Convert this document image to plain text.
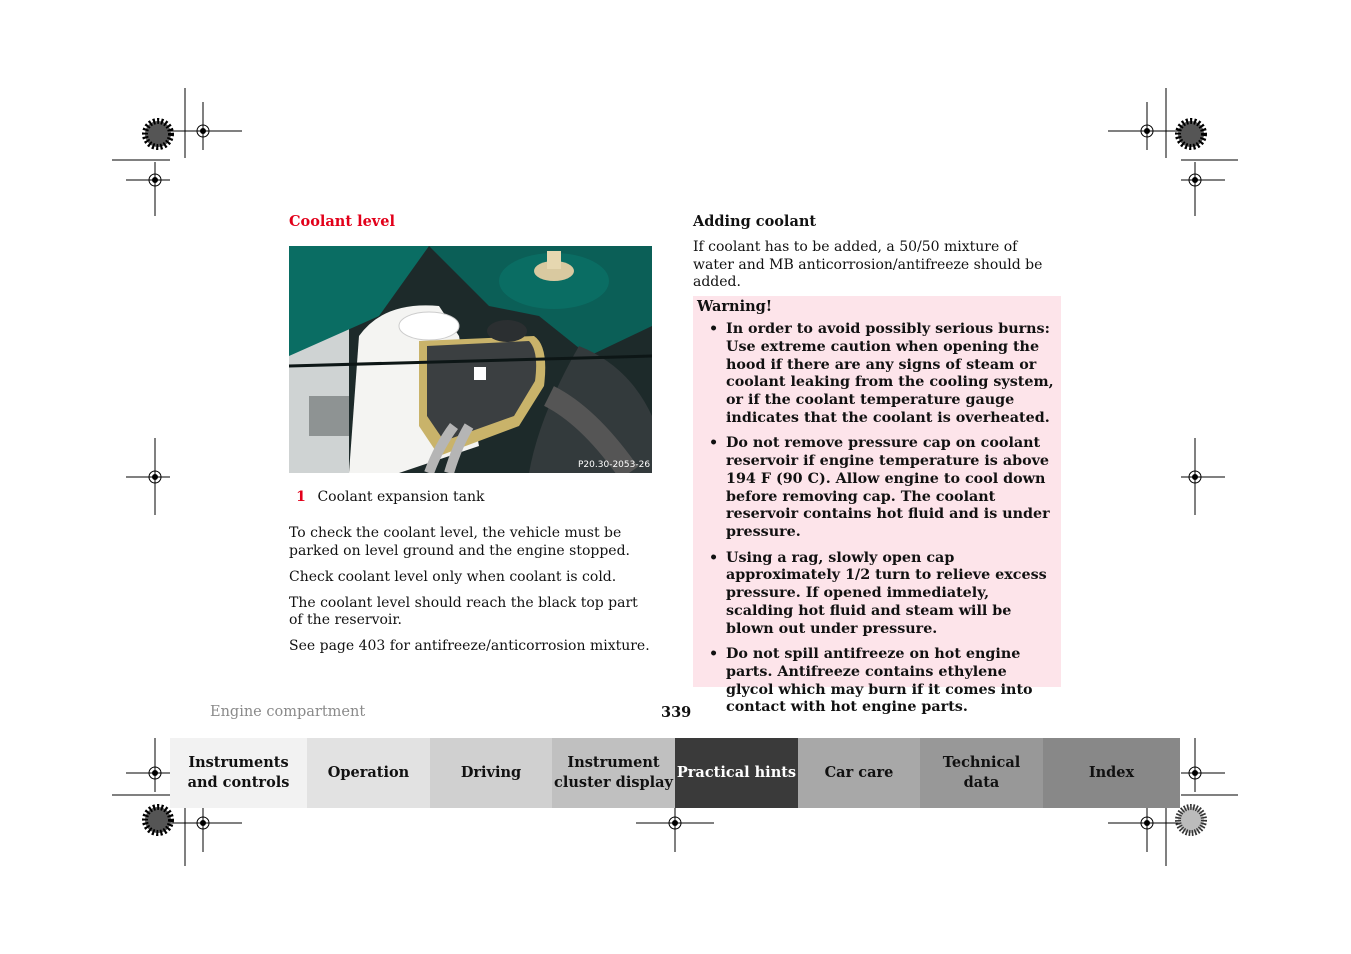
Coolant level
P20.30-2053-26
1 Coolant expansion tank

To check the coolant level, the vehicle must be parked on level ground and the engine stopped.

Check coolant level only when coolant is cold.

The coolant level should reach the black top part of the reservoir.

See page 403 for antifreeze/anticorrosion mixture.

Adding coolant
If coolant has to be added, a 50/50 mixture of water and MB anticorrosion/antifreeze should be added.
Warning!
• In order to avoid possibly serious burns:
Use extreme caution when opening the hood if there are any signs of steam or coolant leaking from the cooling system, or if the coolant temperature gauge indicates that the coolant is overheated.
• Do not remove pressure cap on coolant reservoir if engine temperature is above 194 F (90 C). Allow engine to cool down before removing cap. The coolant reservoir contains hot fluid and is under pressure.
• Using a rag, slowly open cap approximately 1/2 turn to relieve excess pressure. If opened immediately, scalding hot fluid and steam will be blown out under pressure.
• Do not spill antifreeze on hot engine parts. Antifreeze contains ethylene glycol which may burn if it comes into contact with hot engine parts.
Engine compartment	339
Instruments
and controls
Operation	Driving
Instrument
cluster display
Practical hints Car care
Technical
data
Index
